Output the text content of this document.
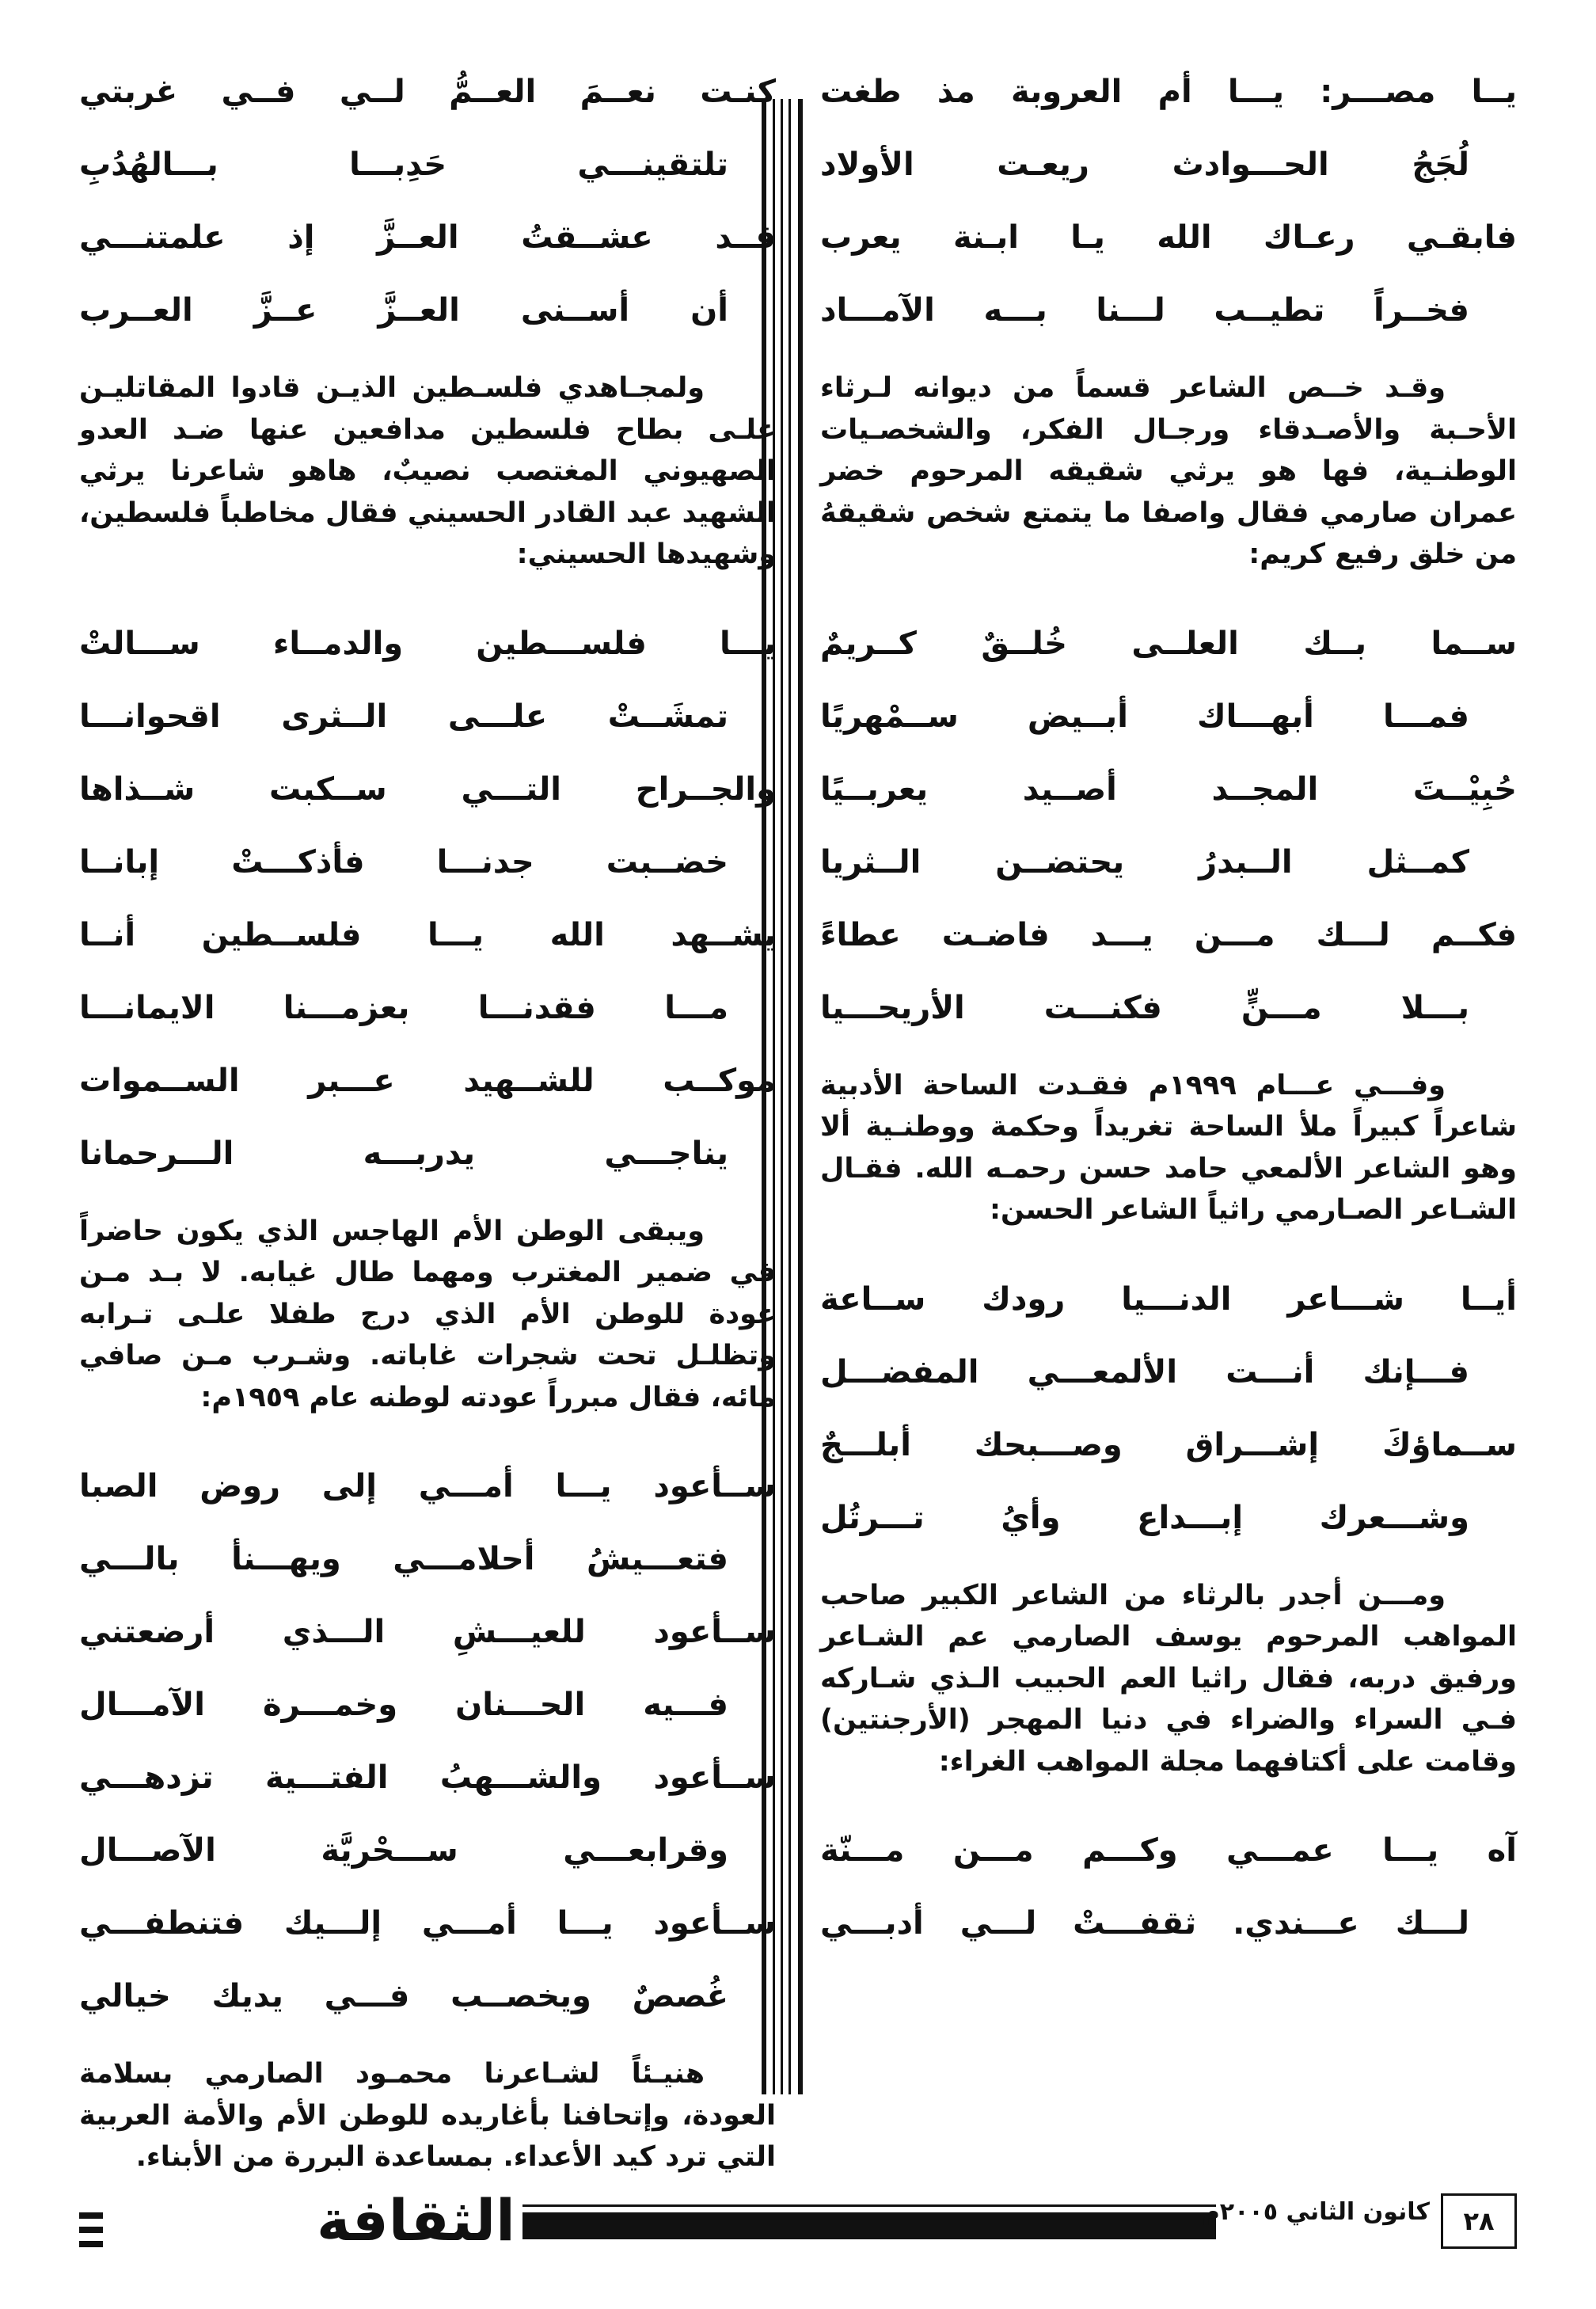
يــا مصـــر: يـــا أم العروبة مذ طغت

لُجَجُ الحـــوادث ريعـت الأولاد

فابقـي رعـاك الله يـا ابـنة يعرب

فخــراً تطيــب لـــنا بـــه الآمـــاد

وقـد خــص الشاعر قسماً من ديوانه لـرثاء الأحـبة والأصـدقاء ورجـال الفكر، والشخصـيات الوطنـية، فها هو يرثي شقيقه المرحوم خضر عمران صارمي فقال واصفا ما يتمتع شخص شقيقهُ من خلق رفيع كريم:

ســما بــك العلــى خُلــقٌ كــريمٌ

فمـــا أبهـــاك أبــيض ســمْهريًا

حُبِيْــتَ المجــد أصــيد يعربــيًا

كمــثل الــبدرُ يحتضــن الــثريا

فكــم لـــك مـــن يـــد فاضـت عطاءً

بـــلا مـــنٍّ فكنـــت الأريحـــيا

وفـــي عـــام ١٩٩٩م فقـدت الساحة الأدبية شاعراً كبيراً ملأ الساحة تغريداً وحكمة ووطنـية ألا وهو الشاعر الألمعي حامد حسن رحمـه الله. فقـال الشـاعر الصـارمي راثياً الشاعر الحسن:

أيــا شـــاعر الدنـــيا رودك ســاعة

فـــإنك أنـــت الألمعـــي المفضـــل

ســماؤكَ إشـــراق وصـــبحك أبلـــجٌ

وشـــعرك إبـــداع وأيُ تـــرتُل

ومـــن أجدر بالرثاء من الشاعر الكبير صاحب المواهب المرحوم يوسف الصارمي عم الشـاعر ورفيق دربه، فقال راثيا العم الحبيب الـذي شـاركه فـي السراء والضراء في دنيا المهجر (الأرجنتين) وقامت على أكتافهما مجلة المواهب الغراء:

آه يـــا عمـــي وكـــم مـــن مـــنّة

لـــك عـــندي. ثقفـــتْ لـــي أدبـــي

كنـت نعــمَ العــمُّ لــي فــي غربتي

تلتقينـــي حَدِبـــا بـــالهُدُبِ

قــد عشــقتُ العــزَّ إذ علمتنـــي

أن أســنى العــزَّ عــزَّ العــرب

ولمجـاهدي فلسـطين الذيـن قادوا المقاتليـن علـى بطاح فلسطين مدافعين عنها ضـد العدو الصهيوني المغتصب نصيبٌ، هاهو شاعرنا يرثي الشهيد عبد القادر الحسيني فقال مخاطباً فلسطين، وشهيدها الحسيني:

يـــا فلســـطين والدمــاء ســـالتْ

تمشَــتْ علـــى الــثرى اقحوانـــا

والجــراح التـــي ســكبت شــذاها

خضــبت جدنـــا فأذكـــتْ إبانــا

يشــهد الله يـــا فلســطين أنــا

مـــا فقدنـــا بعزمـــنا الايمانـــا

موكــب للشــهيد عـــبر الســموات

يناجـــي يدربـــه الـــرحمانا

ويبقى الوطن الأم الهاجس الذي يكون حاضراً في ضمير المغترب ومهما طال غيابه. لا بـد مـن عودة للوطن الأم الذي درج طفلا علـى تـرابه وتظلـل تحت شجرات غاباته. وشـرب مـن صافي مائه، فقال مبرراً عودته لوطنه عام ١٩٥٩م:

ســأعود يـــا أمـــي إلى روض الصبا

فتعـــيشُ أحلامـــي ويهـــنأ بالـــي

ســأعود للعيـــشِ الـــذي أرضعتني

فـــيه الحـــنان وخمـــرة الآمـــال

ســأعود والشـــهبُ الفتـــية تزدهـــي

وقرابعـــي ســـحْريَّة الآصـــال

ســأعود يـــا أمـــي إلـــيك فتنطفـــي

غُصصٌ ويخصــب فـــي يديك خيالي

هنيـئاً لشـاعرنا محمـود الصارمي بسلامة العودة، وإتحافنا بأغاريده للوطن الأم والأمة العربية التي ترد كيد الأعداء. بمساعدة البررة من الأبناء.
الثقافة	كانون الثاني ٢٠٠٥م	٢٨
